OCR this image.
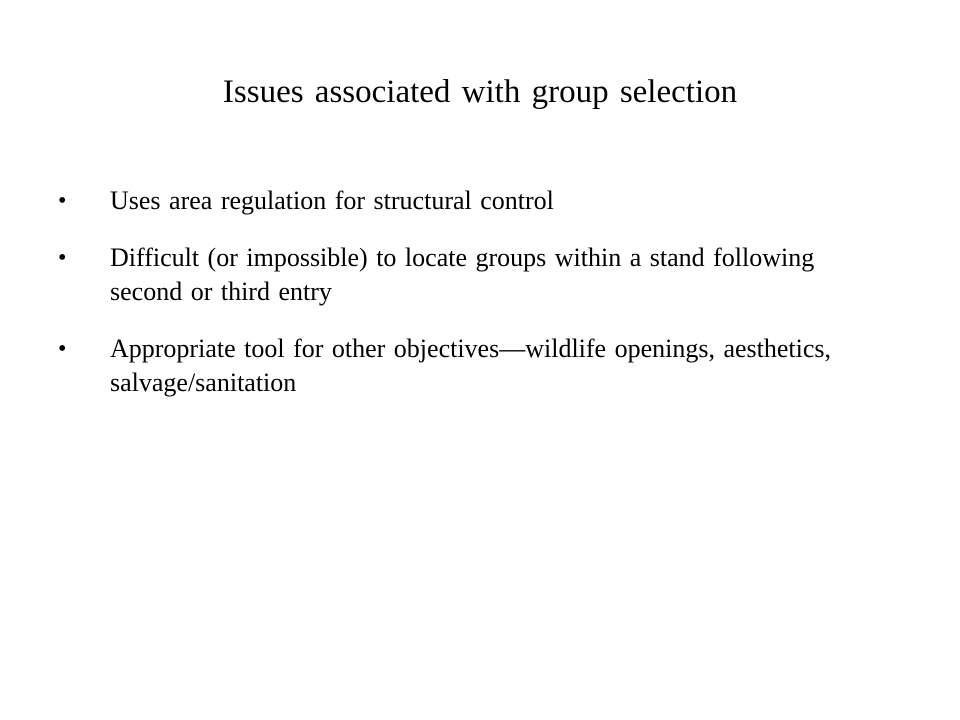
Issues associated with group selection
•	Uses area regulation for structural control
•	Difficult (or impossible) to locate groups within a stand following second or third entry
•	Appropriate tool for other objectives—wildlife openings, aesthetics, salvage/sanitation
